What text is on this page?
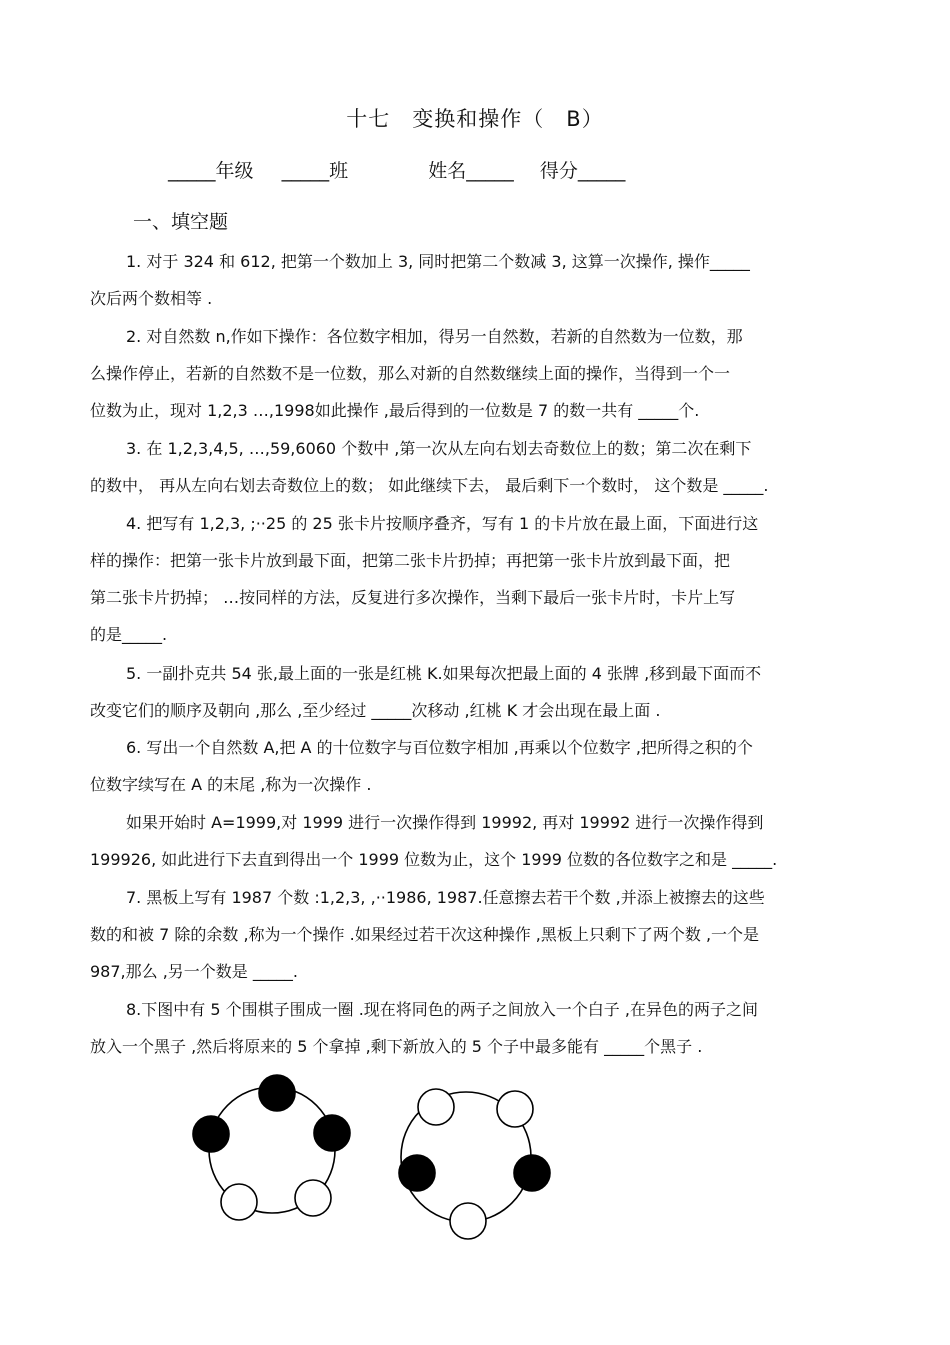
十七　变换和操作（　B）
_____年级 _____班	姓名_____ 得分_____
一、填空题
1. 对于 324 和 612, 把第一个数加上 3, 同时把第二个数减 3, 这算一次操作, 操作_____
次后两个数相等 .
2. 对自然数 n,作如下操作：各位数字相加，得另一自然数，若新的自然数为一位数，那
么操作停止，若新的自然数不是一位数，那么对新的自然数继续上面的操作，当得到一个一
位数为止，现对 1,2,3 …,1998如此操作 ,最后得到的一位数是 7 的数一共有 _____个.
3. 在 1,2,3,4,5, …,59,6060 个数中 ,第一次从左向右划去奇数位上的数；第二次在剩下
的数中， 再从左向右划去奇数位上的数； 如此继续下去， 最后剩下一个数时， 这个数是 _____.
4. 把写有 1,2,3, ;··25 的 25 张卡片按顺序叠齐，写有 1 的卡片放在最上面，下面进行这
样的操作：把第一张卡片放到最下面，把第二张卡片扔掉；再把第一张卡片放到最下面，把
第二张卡片扔掉； …按同样的方法，反复进行多次操作，当剩下最后一张卡片时，卡片上写
的是_____.
5. 一副扑克共 54 张,最上面的一张是红桃 K.如果每次把最上面的 4 张牌 ,移到最下面而不
改变它们的顺序及朝向 ,那么 ,至少经过 _____次移动 ,红桃 K 才会出现在最上面 .
6. 写出一个自然数 A,把 A 的十位数字与百位数字相加 ,再乘以个位数字 ,把所得之积的个
位数字续写在 A 的末尾 ,称为一次操作 .
如果开始时 A=1999,对 1999 进行一次操作得到 19992, 再对 19992 进行一次操作得到
199926, 如此进行下去直到得出一个 1999 位数为止，这个 1999 位数的各位数字之和是 _____.
7. 黑板上写有 1987 个数 :1,2,3, ,··1986, 1987.任意擦去若干个数 ,并添上被擦去的这些
数的和被 7 除的余数 ,称为一个操作 .如果经过若干次这种操作 ,黑板上只剩下了两个数 ,一个是
987,那么 ,另一个数是 _____.
8.下图中有 5 个围棋子围成一圈 .现在将同色的两子之间放入一个白子 ,在异色的两子之间
放入一个黑子 ,然后将原来的 5 个拿掉 ,剩下新放入的 5 个子中最多能有 _____个黑子 .
